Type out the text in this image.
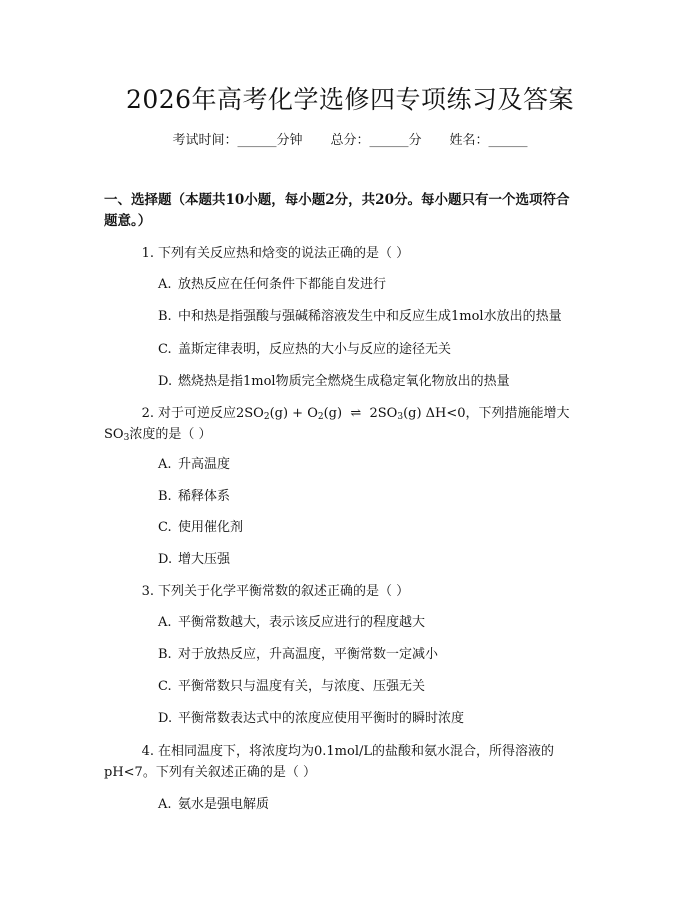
2026年高考化学选修四专项练习及答案
考试时间：______分钟 总分：______分 姓名：______
一、选择题（本题共10小题，每小题2分，共20分。每小题只有一个选项符合
题意。）
1. 下列有关反应热和焓变的说法正确的是（ ）
A. 放热反应在任何条件下都能自发进行
B. 中和热是指强酸与强碱稀溶液发生中和反应生成1mol水放出的热量
C. 盖斯定律表明，反应热的大小与反应的途径无关
D. 燃烧热是指1mol物质完全燃烧生成稳定氧化物放出的热量
2. 对于可逆反应$2SO_2(g) + O_2(g)$  ⇌  $2SO_3(g)$ ΔH<0，下列措施能增大
$SO_3$浓度的是（ ）
A. 升高温度
B. 稀释体系
C. 使用催化剂
D. 增大压强
3. 下列关于化学平衡常数的叙述正确的是（ ）
A. 平衡常数越大，表示该反应进行的程度越大
B. 对于放热反应，升高温度，平衡常数一定减小
C. 平衡常数只与温度有关，与浓度、压强无关
D. 平衡常数表达式中的浓度应使用平衡时的瞬时浓度
4. 在相同温度下，将浓度均为0.1mol/L的盐酸和氨水混合，所得溶液的
pH<7。下列有关叙述正确的是（ ）
A. 氨水是强电解质
